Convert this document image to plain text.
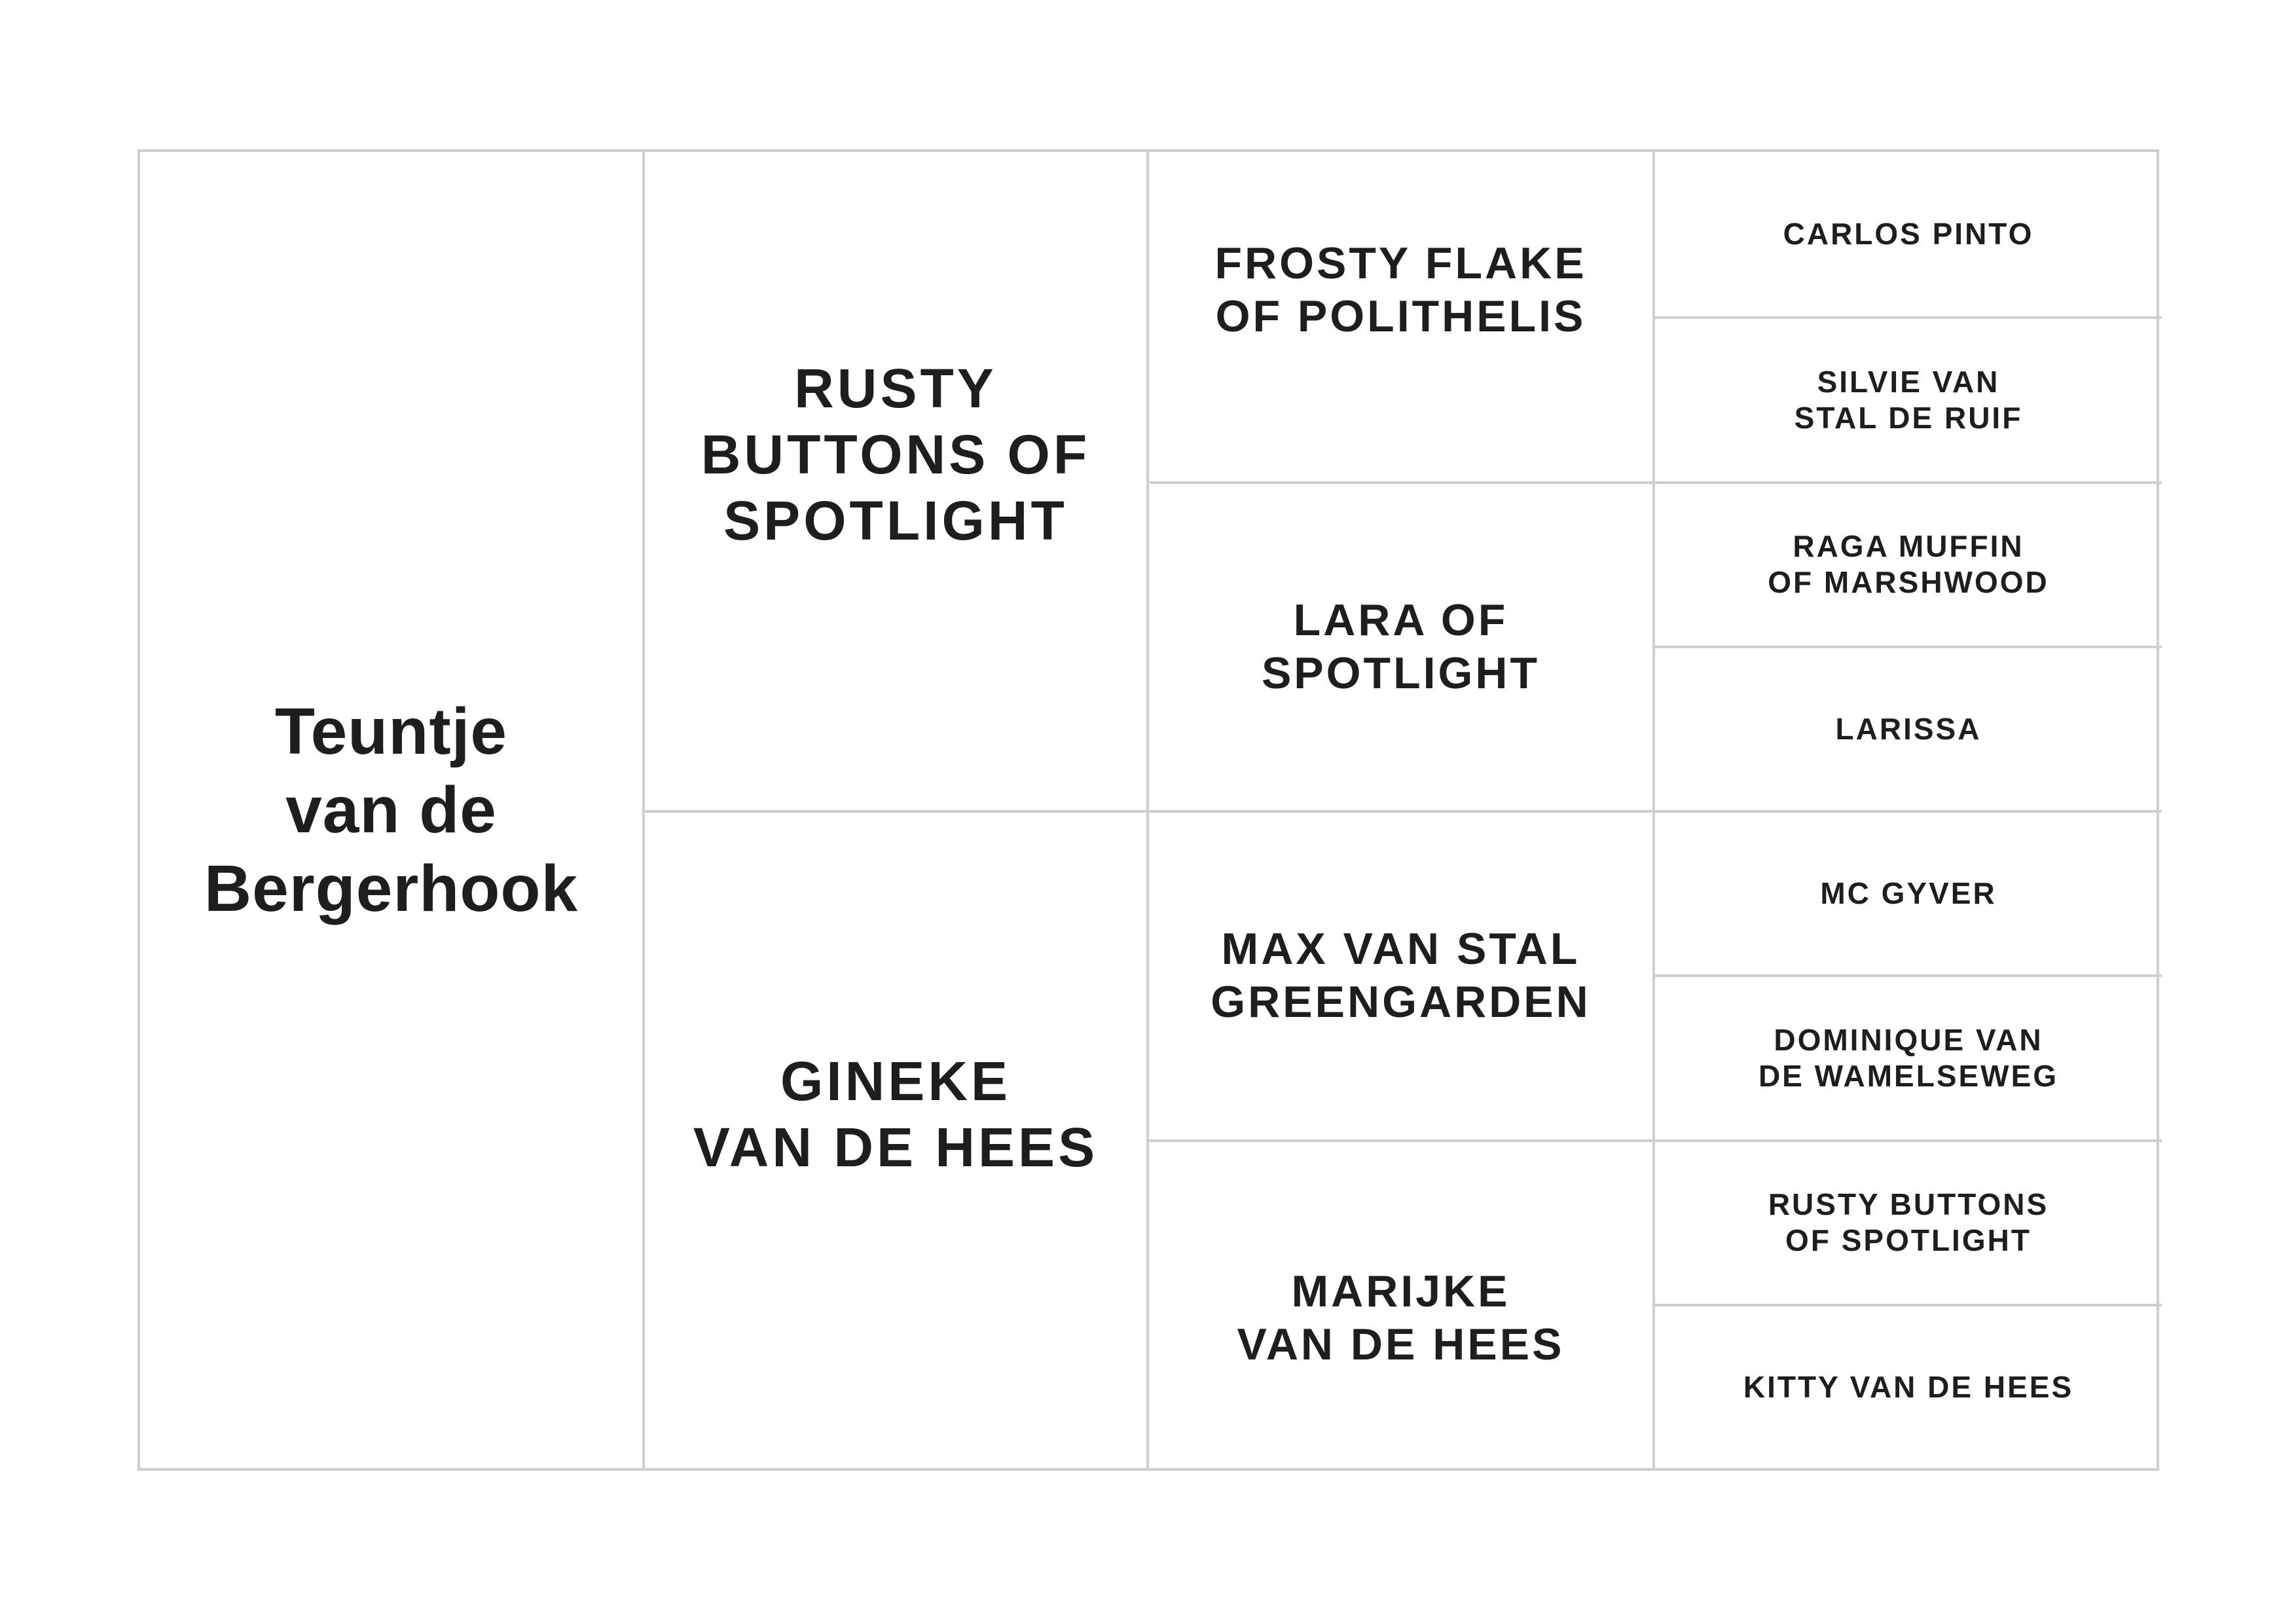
Teuntje
van de
Bergerhook
RUSTY
BUTTONS OF
SPOTLIGHT
GINEKE
VAN DE HEES
FROSTY FLAKE
OF POLITHELIS
LARA OF
SPOTLIGHT
MAX VAN STAL
GREENGARDEN
MARIJKE
VAN DE HEES
CARLOS PINTO
SILVIE VAN
STAL DE RUIF
RAGA MUFFIN
OF MARSHWOOD
LARISSA
MC GYVER
DOMINIQUE VAN
DE WAMELSEWEG
RUSTY BUTTONS
OF SPOTLIGHT
KITTY VAN DE HEES
